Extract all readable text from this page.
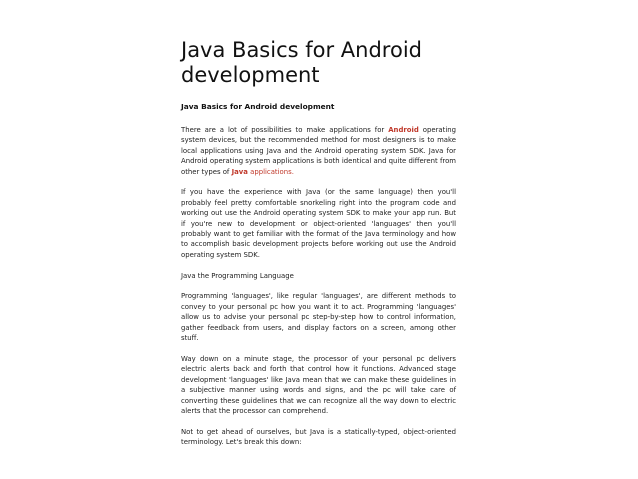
Java Basics for Android development
Java Basics for Android development

There are a lot of possibilities to make applications for Android operating system devices, but the recommended method for most designers is to make local applications using Java and the Android operating system SDK. Java for Android operating system applications is both identical and quite different from other types of Java applications.

If you have the experience with Java (or the same language) then you'll probably feel pretty comfortable snorkeling right into the program code and working out use the Android operating system SDK to make your app run. But if you're new to development or object-oriented 'languages' then you'll probably want to get familiar with the format of the Java terminology and how to accomplish basic development projects before working out use the Android operating system SDK.

Java the Programming Language

Programming 'languages', like regular 'languages', are different methods to convey to your personal pc how you want it to act. Programming 'languages' allow us to advise your personal pc step-by-step how to control information, gather feedback from users, and display factors on a screen, among other stuff.

Way down on a minute stage, the processor of your personal pc delivers electric alerts back and forth that control how it functions. Advanced stage development 'languages' like Java mean that we can make these guidelines in a subjective manner using words and signs, and the pc will take care of converting these guidelines that we can recognize all the way down to electric alerts that the processor can comprehend.

Not to get ahead of ourselves, but Java is a statically-typed, object-oriented terminology. Let's break this down:
